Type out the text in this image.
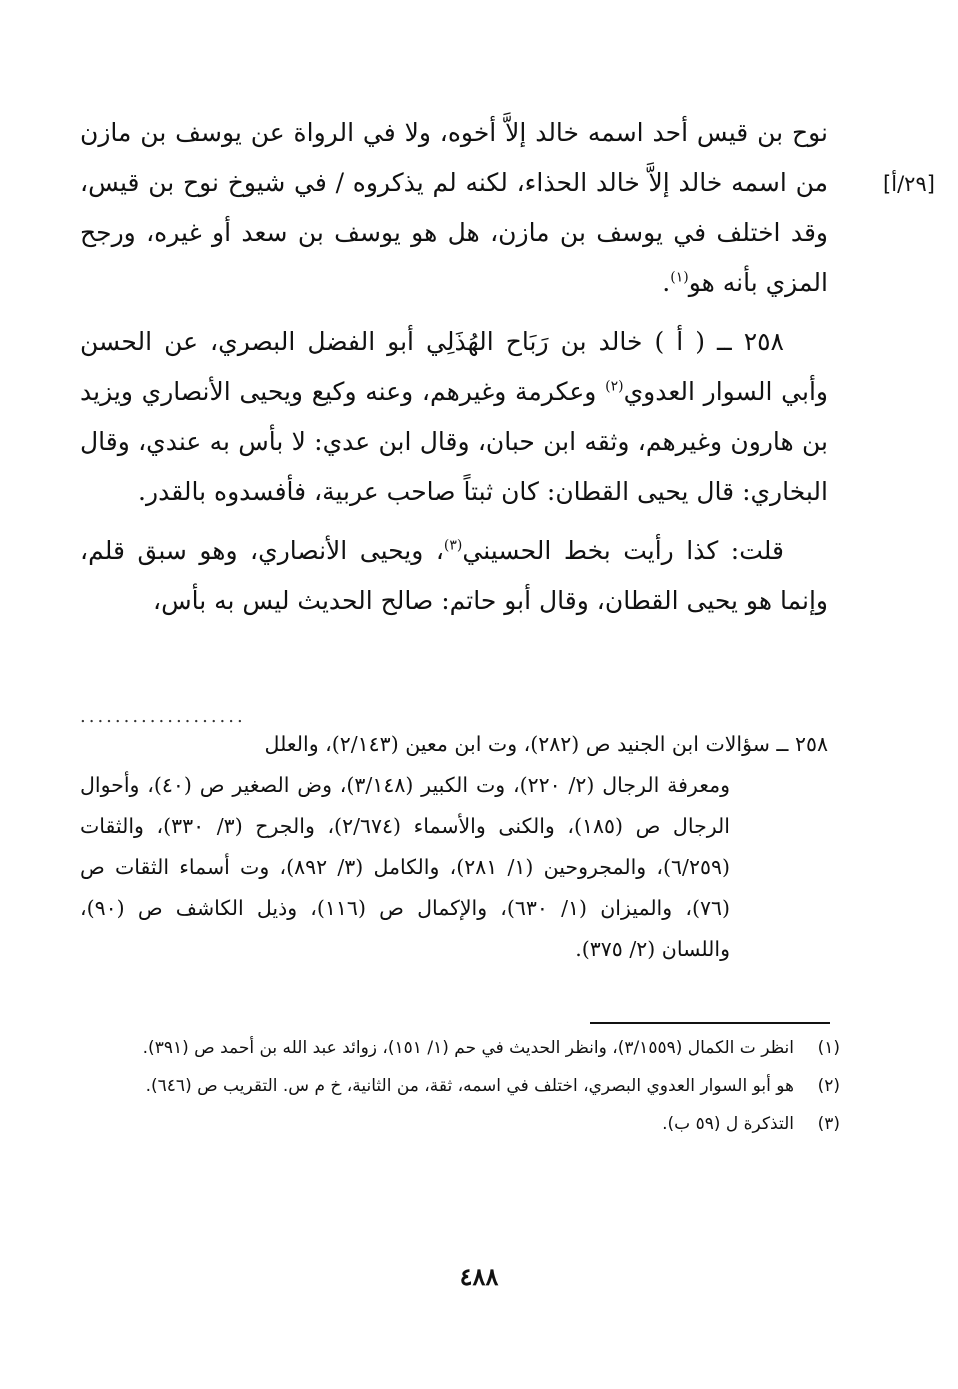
[٢٩/أ]

نوح بن قيس أحد اسمه خالد إلاَّ أخوه، ولا في الرواة عن يوسف بن مازن من اسمه خالد إلاَّ خالد الحذاء، لكنه لم يذكروه / في شيوخ نوح بن قيس، وقد اختلف في يوسف بن مازن، هل هو يوسف بن سعد أو غيره، ورجح المزي بأنه هو$^{(١)}$.

٢٥٨ ــ ( أ ) خالد بن رَبَاح الهُذَلِي أبو الفضل البصري، عن الحسن وأبي السوار العدوي$^{(٢)}$ وعكرمة وغيرهم، وعنه وكيع ويحيى الأنصاري ويزيد بن هارون وغيرهم، وثقه ابن حبان، وقال ابن عدي: لا بأس به عندي، وقال البخاري: قال يحيى القطان: كان ثبتاً صاحب عربية، فأفسدوه بالقدر.

قلت: كذا رأيت بخط الحسيني$^{(٣)}$، ويحيى الأنصاري، وهو سبق قلم، وإنما هو يحيى القطان، وقال أبو حاتم: صالح الحديث ليس به بأس،

...................

٢٥٨ ــ سؤالات ابن الجنيد ص (٢٨٢)، وت ابن معين (٢/١٤٣)، والعلل

ومعرفة الرجال (٢/ ٢٢٠)، وت الكبير (٣/١٤٨)، وض الصغير ص (٤٠)، وأحوال الرجال ص (١٨٥)، والكنى والأسماء (٢/٦٧٤)، والجرح (٣/ ٣٣٠)، والثقات (٦/٢٥٩)، والمجروحين (١/ ٢٨١)، والكامل (٣/ ٨٩٢)، وت أسماء الثقات ص (٧٦)، والميزان (١/ ٦٣٠)، والإكمال ص (١١٦)، وذيل الكاشف ص (٩٠)، واللسان (٢/ ٣٧٥).

(١)
انظر ت الكمال (٣/١٥٥٩)، وانظر الحديث في حم (١/ ١٥١)، زوائد عبد الله بن أحمد ص (٣٩١).
(٢)
هو أبو السوار العدوي البصري، اختلف في اسمه، ثقة، من الثانية، خ م س. التقريب ص (٦٤٦).
(٣)
التذكرة ل (٥٩ ب).
٤٨٨
